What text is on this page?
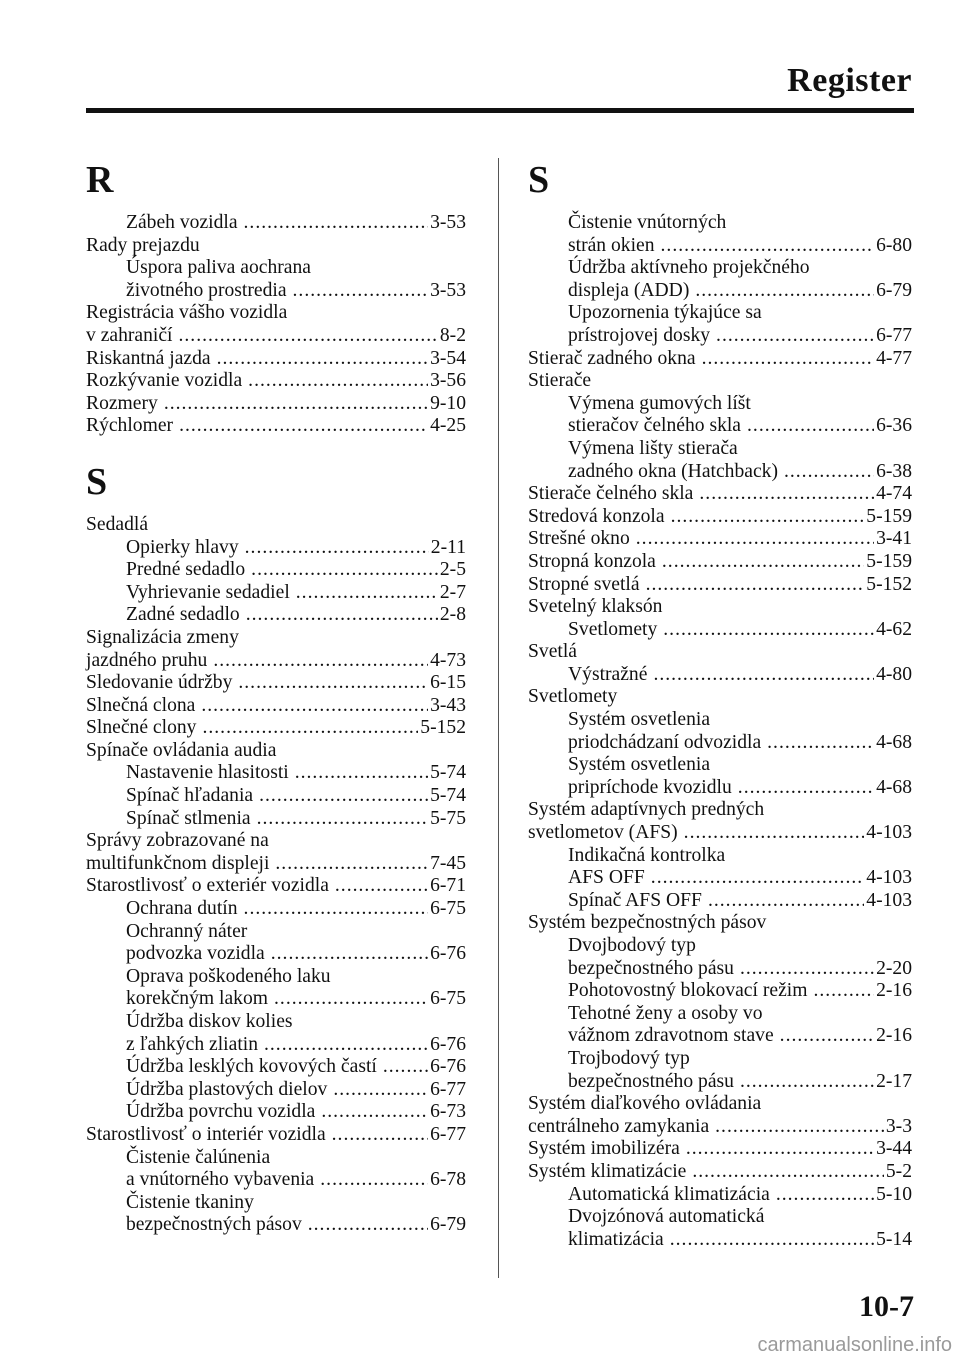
Register
R
Zábeh vozidla .....	3-53
Rady prejazdu
Úspora paliva aochrana
životného prostredia .....	3-53
Registrácia vášho vozidla
v zahraničí .....	8-2
Riskantná jazda .....	3-54
Rozkývanie vozidla .....	3-56
Rozmery .....	9-10
Rýchlomer .....	4-25
S
Sedadlá
Opierky hlavy .....	2-11
Predné sedadlo .....	2-5
Vyhrievanie sedadiel .....	2-7
Zadné sedadlo .....	2-8
Signalizácia zmeny
jazdného pruhu .....	4-73
Sledovanie údržby .....	6-15
Slnečná clona .....	3-43
Slnečné clony .....	5-152
Spínače ovládania audia
Nastavenie hlasitosti .....	5-74
Spínač hľadania .....	5-74
Spínač stlmenia .....	5-75
Správy zobrazované na
multifunkčnom displeji .....	7-45
Starostlivosť o exteriér vozidla .....	6-71
Ochrana dutín .....	6-75
Ochranný náter
podvozka vozidla .....	6-76
Oprava poškodeného laku
korekčným lakom .....	6-75
Údržba diskov kolies
z ľahkých zliatin .....	6-76
Údržba lesklých kovových častí .....	6-76
Údržba plastových dielov .....	6-77
Údržba povrchu vozidla .....	6-73
Starostlivosť o interiér vozidla .....	6-77
Čistenie čalúnenia
a vnútorného vybavenia .....	6-78
Čistenie tkaniny
bezpečnostných pásov .....	6-79
S
Čistenie vnútorných
strán okien .....	6-80
Údržba aktívneho projekčného
displeja (ADD) .....	6-79
Upozornenia týkajúce sa
prístrojovej dosky .....	6-77
Stierač zadného okna .....	4-77
Stierače
Výmena gumových líšt
stieračov čelného skla .....	6-36
Výmena lišty stierača
zadného okna (Hatchback) .....	6-38
Stierače čelného skla .....	4-74
Stredová konzola .....	5-159
Strešné okno .....	3-41
Stropná konzola .....	5-159
Stropné svetlá .....	5-152
Svetelný klaksón
Svetlomety .....	4-62
Svetlá
Výstražné .....	4-80
Svetlomety
Systém osvetlenia
priodchádzaní odvozidla .....	4-68
Systém osvetlenia
pripríchode kvozidlu .....	4-68
Systém adaptívnych predných
svetlometov (AFS) .....	4-103
Indikačná kontrolka
AFS OFF .....	4-103
Spínač AFS OFF .....	4-103
Systém bezpečnostných pásov
Dvojbodový typ
bezpečnostného pásu .....	2-20
Pohotovostný blokovací režim .....	2-16
Tehotné ženy a osoby vo
vážnom zdravotnom stave .....	2-16
Trojbodový typ
bezpečnostného pásu .....	2-17
Systém diaľkového ovládania
centrálneho zamykania .....	3-3
Systém imobilizéra .....	3-44
Systém klimatizácie .....	5-2
Automatická klimatizácia .....	5-10
Dvojzónová automatická
klimatizácia .....	5-14
10-7
carmanualsonline.info
